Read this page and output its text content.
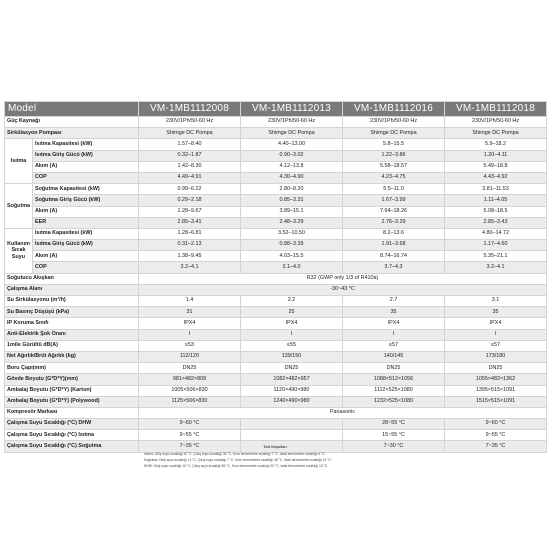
Model		VM-1MB1112008	VM-1MB1112013	VM-1MB1112016	VM-1MB1112018
Güç Kaynağı		230V/1Ph/50-60 Hz	230V/1Ph/50-60 Hz	230V/1Ph/50-60 Hz	230V/1Ph/50-60 Hz
Sirkülasyon Pompası		Shimge DC Pompa	Shimge DC Pompa	Shimge DC Pompa	Shimge DC Pompa
Isıtma	Isıtma Kapasitesi (kW)	1.57–8.40	4.40–13.00	5.8–15.5	5.9–18.2
	Isıtma Giriş Gücü (kW)	0.32–1.87	0.90–3.02	1.22–3.86	1.20–4.11
	Akım (A)	1.42–8.30	4.12–13.8	5.58–18.57	5.49–18.8
	COP	4.49–4.91	4.30–4.90	4.23–4.75	4.43–4.92
Soğutma	Soğutma Kapasitesi (kW)	0.99–6.22	2.80–8.20	5.5–11.0	3.81–11.53
	Soğutma Giriş Gücü (kW)	0.29–2.18	0.85–3.31	1.67–3.99	1.11–4.05
	Akım (A)	1.28–9.67	3.89–15.1	7.64–18.26	5.08–18.5
	EER	2.85–3.41	2.48–3.29	2.76–3.29	2.85–3.43
Kullanım Sıcak Suyu	Isıtma Kapasitesi (kW)	1.28–6.81	3.52–10.50	8.2–13.6	4.80–14.72
	Isıtma Giriş Gücü (kW)	0.31–2.13	0.88–3.39	1.91–3.68	1.17–4.60
	Akım (A)	1.38–9.45	4.03–15.5	8.74–16.74	5.35–21.1
	COP	3.2–4.1	3.1–4.0	3.7–4.3	3.2–4.1
Soğutucu Akışkan		R32 (GWP only 1/3 of R410a)			
Çalışma Alanı		-30~43 °C			
Su Sirkülasyonu (m³/h)		1.4	2.2	2.7	3.1
Su Basınç Düşüşü (kPa)		31	25	35	35
IP Koruma Sınıfı		IPX4	IPX4	IPX4	IPX4
Anti-Elektrik Şok Oranı		I	I	I	I
1mile Gürültü dB(A)		≤53	≤55	≤57	≤57
Net Ağırlık/Brüt Ağırlık (kg)		112/120	139/150	140/145	173/180
Boru Çapı(mm)		DN25	DN25	DN25	DN25
Gövde Boyutu (G*D*Y)(mm)		981×482×809	1082×482×957	1088×512×1056	1055×482×1362
Ambalaj Boyutu (G*D*Y) (Karton)		1005×506×830	1120×490×980	1112×525×1080	1395×515×1091
Ambalaj Boyutu (G*D*Y) (Polywood)		1125×506×830	1240×490×980	1232×525×1080	1515×515×1091
Kompresör Markası		Panasonic			
Çalışma Suyu Sıcaklığı (°C) DHW		9~60 °C		28~55 °C	9~60 °C
Çalışma Suyu Sıcaklığı (°C) Isıtma		9~55 °C		15~55 °C	9~55 °C
Çalışma Suyu Sıcaklığı (°C) Soğutma		7~35 °C		7~30 °C	7~35 °C
Test Koşulları
Isıtma: Giriş suyu sıcaklığı 30 °C, Çıkış suyu sıcaklığı 35 °C, Kuru termometre sıcaklığı 7 °C, Islak termometre sıcaklığı 6 °C.
Soğutma: Giriş suyu sıcaklığı 12 °C, Çıkış suyu sıcaklığı 7 °C, Kuru termometre sıcaklığı 35 °C, Islak termometre sıcaklığı 24 °C.
DHW: Giriş suyu sıcaklığı 15 °C, Çıkış suyu sıcaklığı 55 °C, Kuru termometre sıcaklığı 20 °C, Islak termometre sıcaklığı 15 °C.
